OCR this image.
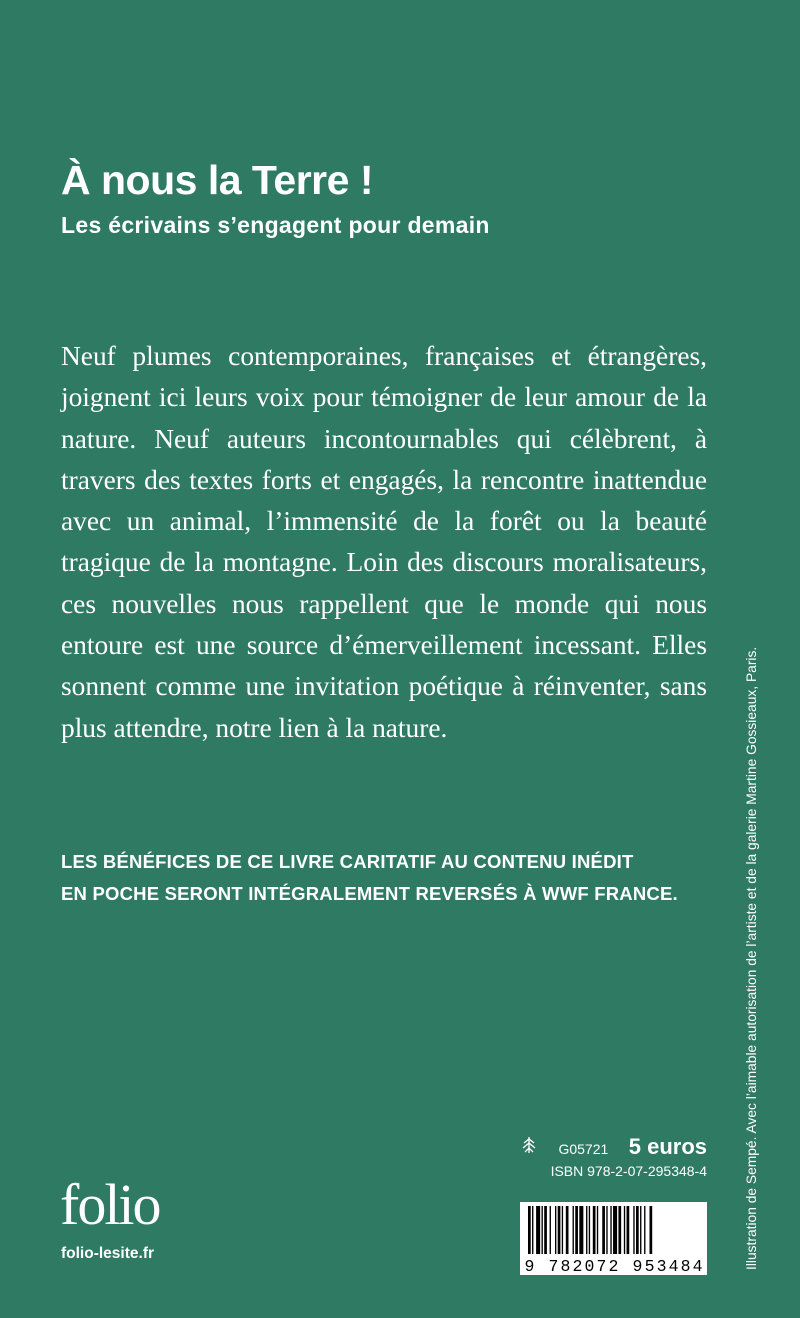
À nous la Terre !
Les écrivains s’engagent pour demain

Neuf plumes contemporaines, françaises et étrangères, joignent ici leurs voix pour témoigner de leur amour de la nature. Neuf auteurs incontournables qui célèbrent, à travers des textes forts et engagés, la rencontre inattendue avec un animal, l’immensité de la forêt ou la beauté tragique de la montagne. Loin des discours moralisateurs, ces nouvelles nous rappellent que le monde qui nous entoure est une source d’émerveillement incessant. Elles sonnent comme une invitation poétique à réinventer, sans plus attendre, notre lien à la nature.

LES BÉNÉFICES DE CE LIVRE CARITATIF AU CONTENU INÉDIT
EN POCHE SERONT INTÉGRALEMENT REVERSÉS À WWF FRANCE.
folio
folio-lesite.fr
G05721 5 euros
ISBN 978-2-07-295348-4
9 782072 953484	Illustration de Sempé. Avec l’aimable autorisation de l’artiste et de la galerie Martine Gossieaux, Paris.
